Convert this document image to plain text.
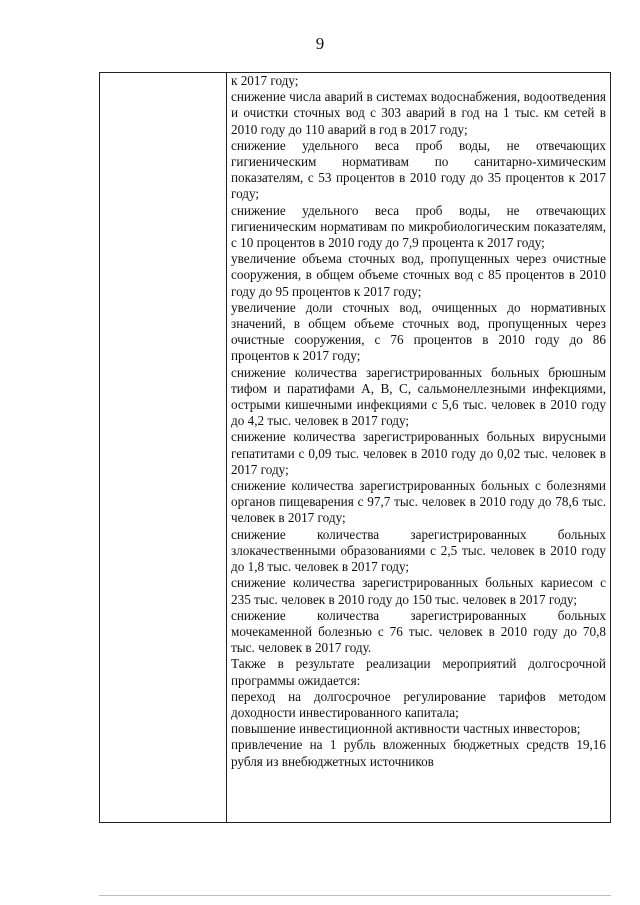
9

к 2017 году;

снижение числа аварий в системах водоснабжения, водоотведения и очистки сточных вод с 303 аварий в год на 1 тыс. км сетей в 2010 году до 110 аварий в год в 2017 году;

снижение удельного веса проб воды, не отвечающих гигиеническим нормативам по санитарно-химическим показателям, с 53 процентов в 2010 году до 35 процентов к 2017 году;

снижение удельного веса проб воды, не отвечающих гигиеническим нормативам по микробиологическим показателям, с 10 процентов в 2010 году до 7,9 процента к 2017 году;

увеличение объема сточных вод, пропущенных через очистные сооружения, в общем объеме сточных вод с 85 процентов в 2010 году до 95 процентов к 2017 году;

увеличение доли сточных вод, очищенных до нормативных значений, в общем объеме сточных вод, пропущенных через очистные сооружения, с 76 процентов в 2010 году до 86 процентов к 2017 году;

снижение количества зарегистрированных больных брюшным тифом и паратифами А, В, С, сальмонеллезными инфекциями, острыми кишечными инфекциями с 5,6 тыс. человек в 2010 году до 4,2 тыс. человек в 2017 году;

снижение количества зарегистрированных больных вирусными гепатитами с 0,09 тыс. человек в 2010 году до 0,02 тыс. человек в 2017 году;

снижение количества зарегистрированных больных с болезнями органов пищеварения с 97,7 тыс. человек в 2010 году до 78,6 тыс. человек в 2017 году;

снижение количества зарегистрированных больных злокачественными образованиями с 2,5 тыс. человек в 2010 году до 1,8 тыс. человек в 2017 году;

снижение количества зарегистрированных больных кариесом с 235 тыс. человек в 2010 году до 150 тыс. человек в 2017 году;

снижение количества зарегистрированных больных мочекаменной болезнью с 76 тыс. человек в 2010 году до 70,8 тыс. человек в 2017 году.

Также в результате реализации мероприятий долгосрочной программы ожидается:

переход на долгосрочное регулирование тарифов методом доходности инвестированного капитала;

повышение инвестиционной активности частных инвесторов;

привлечение на 1 рубль вложенных бюджетных средств 19,16 рубля из внебюджетных источников
